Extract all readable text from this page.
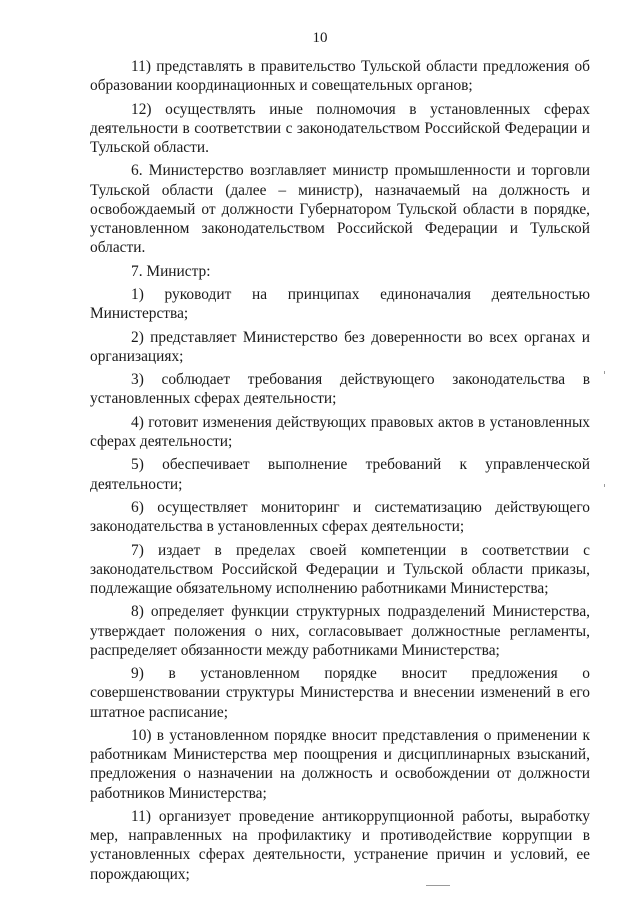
10

11) представлять в правительство Тульской области предложения об образовании координационных и совещательных органов;

12) осуществлять иные полномочия в установленных сферах деятельности в соответствии с законодательством Российской Федерации и Тульской области.

6. Министерство возглавляет министр промышленности и торговли Тульской области (далее – министр), назначаемый на должность и освобождаемый от должности Губернатором Тульской области в порядке, установленном законодательством Российской Федерации и Тульской области.

7. Министр:

1) руководит на принципах единоначалия деятельностью Министерства;

2) представляет Министерство без доверенности во всех органах и организациях;

3) соблюдает требования действующего законодательства в установленных сферах деятельности;

4) готовит изменения действующих правовых актов в установленных сферах деятельности;

5) обеспечивает выполнение требований к управленческой деятельности;

6) осуществляет мониторинг и систематизацию действующего законодательства в установленных сферах деятельности;

7) издает в пределах своей компетенции в соответствии с законодательством Российской Федерации и Тульской области приказы, подлежащие обязательному исполнению работниками Министерства;

8) определяет функции структурных подразделений Министерства, утверждает положения о них, согласовывает должностные регламенты, распределяет обязанности между работниками Министерства;

9) в установленном порядке вносит предложения о совершенствовании структуры Министерства и внесении изменений в его штатное расписание;

10) в установленном порядке вносит представления о применении к работникам Министерства мер поощрения и дисциплинарных взысканий, предложения о назначении на должность и освобождении от должности работников Министерства;

11) организует проведение антикоррупционной работы, выработку мер, направленных на профилактику и противодействие коррупции в установленных сферах деятельности, устранение причин и условий, ее порождающих;
